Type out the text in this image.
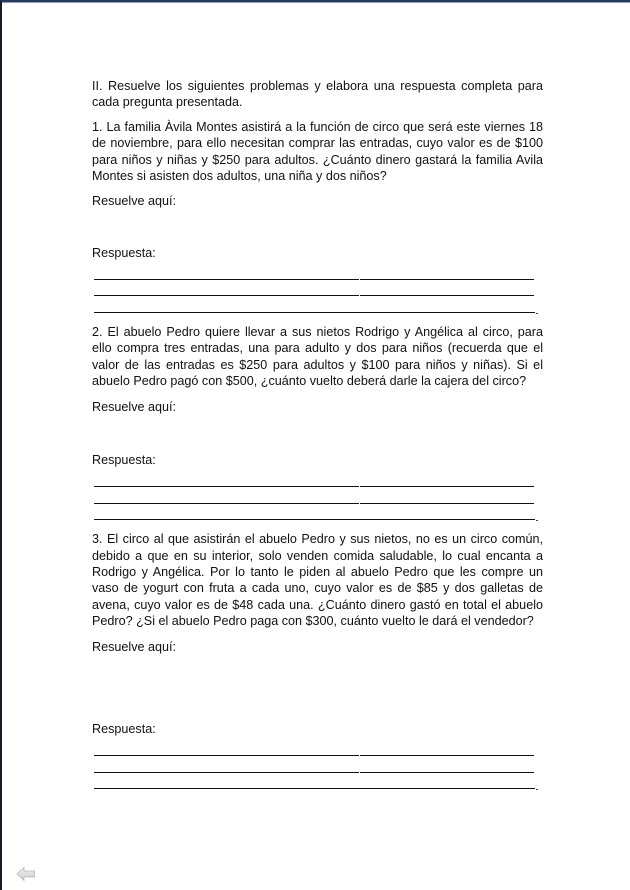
II. Resuelve los siguientes problemas y elabora una respuesta completa para cada pregunta presentada.

1. La familia Àvila Montes asistirá a la función de circo que será este viernes 18 de noviembre, para ello necesitan comprar las entradas, cuyo valor es de $100 para niños y niñas y $250 para adultos. ¿Cuánto dinero gastará la familia Avila Montes si asisten dos adultos, una niña y dos niños?

Resuelve aquí:

Respuesta:

2. El abuelo Pedro quiere llevar a sus nietos Rodrigo y Angélica al circo, para ello compra tres entradas, una para adulto y dos para niños (recuerda que el valor de las entradas es $250 para adultos y $100 para niños y niñas). Si el abuelo Pedro pagó con $500, ¿cuánto vuelto deberá darle la cajera del circo?

Resuelve aquí:

Respuesta:

3. El circo al que asistirán el abuelo Pedro y sus nietos, no es un circo común, debido a que en su interior, solo venden comida saludable, lo cual encanta a Rodrigo y Angélica. Por lo tanto le piden al abuelo Pedro que les compre un vaso de yogurt con fruta a cada uno, cuyo valor es de $85 y dos galletas de avena, cuyo valor es de $48 cada una. ¿Cuánto dinero gastó en total el abuelo Pedro? ¿Si el abuelo Pedro paga con $300, cuánto vuelto le dará el vendedor?

Resuelve aquí:

Respuesta:
